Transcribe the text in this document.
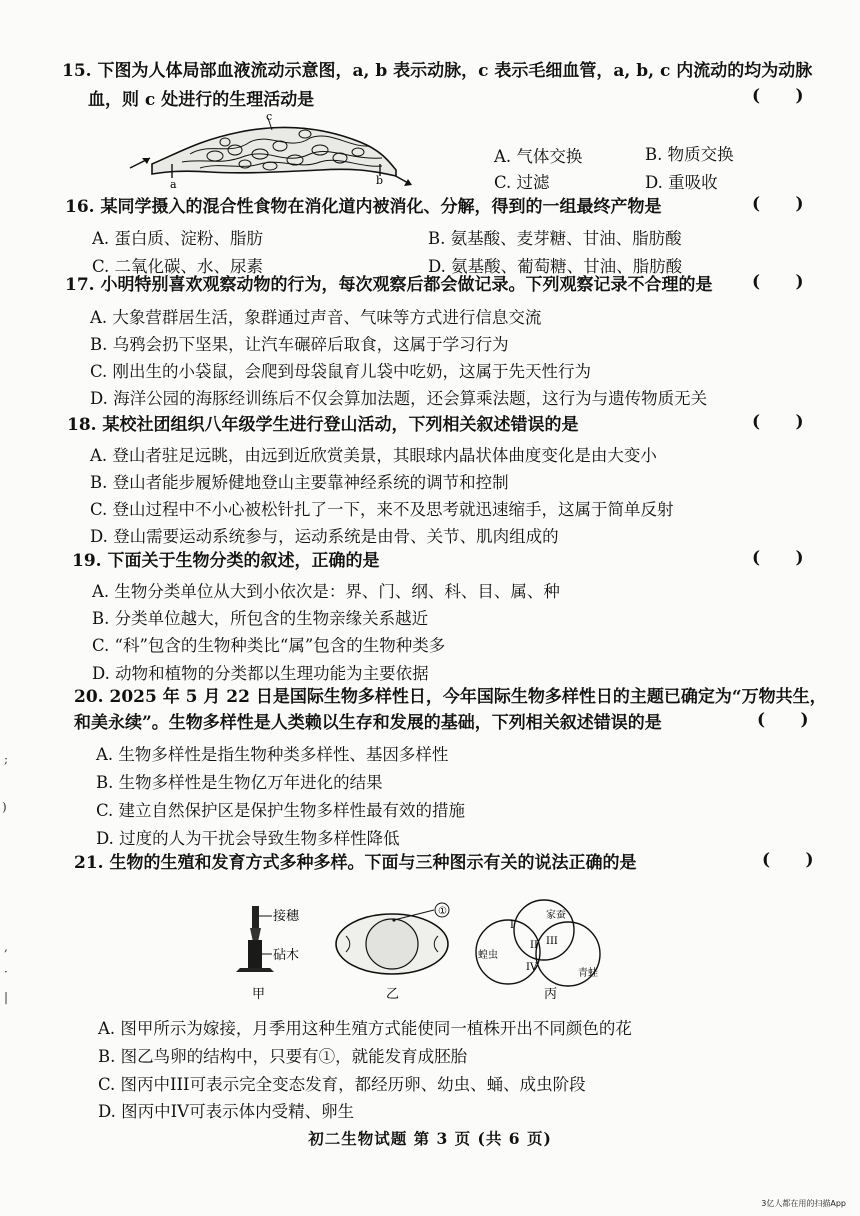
15. 下图为人体局部血液流动示意图，a, b 表示动脉，c 表示毛细血管，a, b, c 内流动的均为动脉
血，则 c 处进行的生理活动是	(      )
c
a	b
A. 气体交换	B. 物质交换
C. 过滤	D. 重吸收
16. 某同学摄入的混合性食物在消化道内被消化、分解，得到的一组最终产物是	(      )
A. 蛋白质、淀粉、脂肪	B. 氨基酸、麦芽糖、甘油、脂肪酸
C. 二氧化碳、水、尿素	D. 氨基酸、葡萄糖、甘油、脂肪酸
17. 小明特别喜欢观察动物的行为，每次观察后都会做记录。下列观察记录不合理的是 (      )
A. 大象营群居生活，象群通过声音、气味等方式进行信息交流
B. 乌鸦会扔下坚果，让汽车碾碎后取食，这属于学习行为
C. 刚出生的小袋鼠，会爬到母袋鼠育儿袋中吃奶，这属于先天性行为
D. 海洋公园的海豚经训练后不仅会算加法题，还会算乘法题，这行为与遗传物质无关
18. 某校社团组织八年级学生进行登山活动，下列相关叙述错误的是	(      )
A. 登山者驻足远眺，由远到近欣赏美景，其眼球内晶状体曲度变化是由大变小
B. 登山者能步履矫健地登山主要靠神经系统的调节和控制
C. 登山过程中不小心被松针扎了一下，来不及思考就迅速缩手，这属于简单反射
D. 登山需要运动系统参与，运动系统是由骨、关节、肌肉组成的
19. 下面关于生物分类的叙述，正确的是	(      )
A. 生物分类单位从大到小依次是：界、门、纲、科、目、属、种
B. 分类单位越大，所包含的生物亲缘关系越近
C. “科”包含的生物种类比“属”包含的生物种类多
D. 动物和植物的分类都以生理功能为主要依据
20. 2025 年 5 月 22 日是国际生物多样性日，今年国际生物多样性日的主题已确定为“万物共生，
和美永续”。生物多样性是人类赖以生存和发展的基础，下列相关叙述错误的是	(      )
A. 生物多样性是指生物种类多样性、基因多样性
B. 生物多样性是生物亿万年进化的结果
C. 建立自然保护区是保护生物多样性最有效的措施
D. 过度的人为干扰会导致生物多样性降低
21. 生物的生殖和发育方式多种多样。下面与三种图示有关的说法正确的是	(      )
接穗
砧木
甲
①
乙
家蚕
蝗虫
青蛙
I
II III
IV
丙
A. 图甲所示为嫁接，月季用这种生殖方式能使同一植株开出不同颜色的花
B. 图乙鸟卵的结构中，只要有①，就能发育成胚胎
C. 图丙中III可表示完全变态发育，都经历卵、幼虫、蛹、成虫阶段
D. 图丙中IV可表示体内受精、卵生
初二生物试题 第 3 页 (共 6 页)
3亿人都在用的扫描App
;
)
,
·
|
